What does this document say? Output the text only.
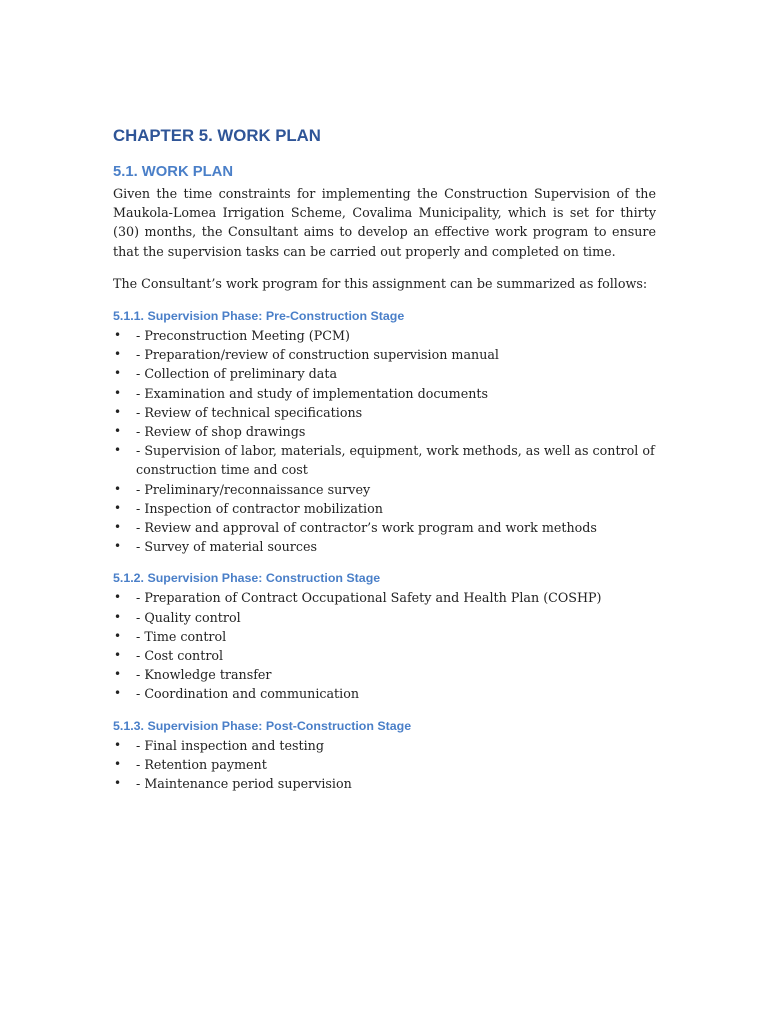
CHAPTER 5. WORK PLAN
5.1. WORK PLAN

Given the time constraints for implementing the Construction Supervision of the Maukola-Lomea Irrigation Scheme, Covalima Municipality, which is set for thirty (30) months, the Consultant aims to develop an effective work program to ensure that the supervision tasks can be carried out properly and completed on time.

The Consultant’s work program for this assignment can be summarized as follows:

5.1.1. Supervision Phase: Pre-Construction Stage
• - Preconstruction Meeting (PCM)
• - Preparation/review of construction supervision manual
• - Collection of preliminary data
• - Examination and study of implementation documents
• - Review of technical specifications
• - Review of shop drawings
• - Supervision of labor, materials, equipment, work methods, as well as control of construction time and cost
• - Preliminary/reconnaissance survey
• - Inspection of contractor mobilization
• - Review and approval of contractor’s work program and work methods
• - Survey of material sources
5.1.2. Supervision Phase: Construction Stage
• - Preparation of Contract Occupational Safety and Health Plan (COSHP)
• - Quality control
• - Time control
• - Cost control
• - Knowledge transfer
• - Coordination and communication
5.1.3. Supervision Phase: Post-Construction Stage
• - Final inspection and testing
• - Retention payment
• - Maintenance period supervision
